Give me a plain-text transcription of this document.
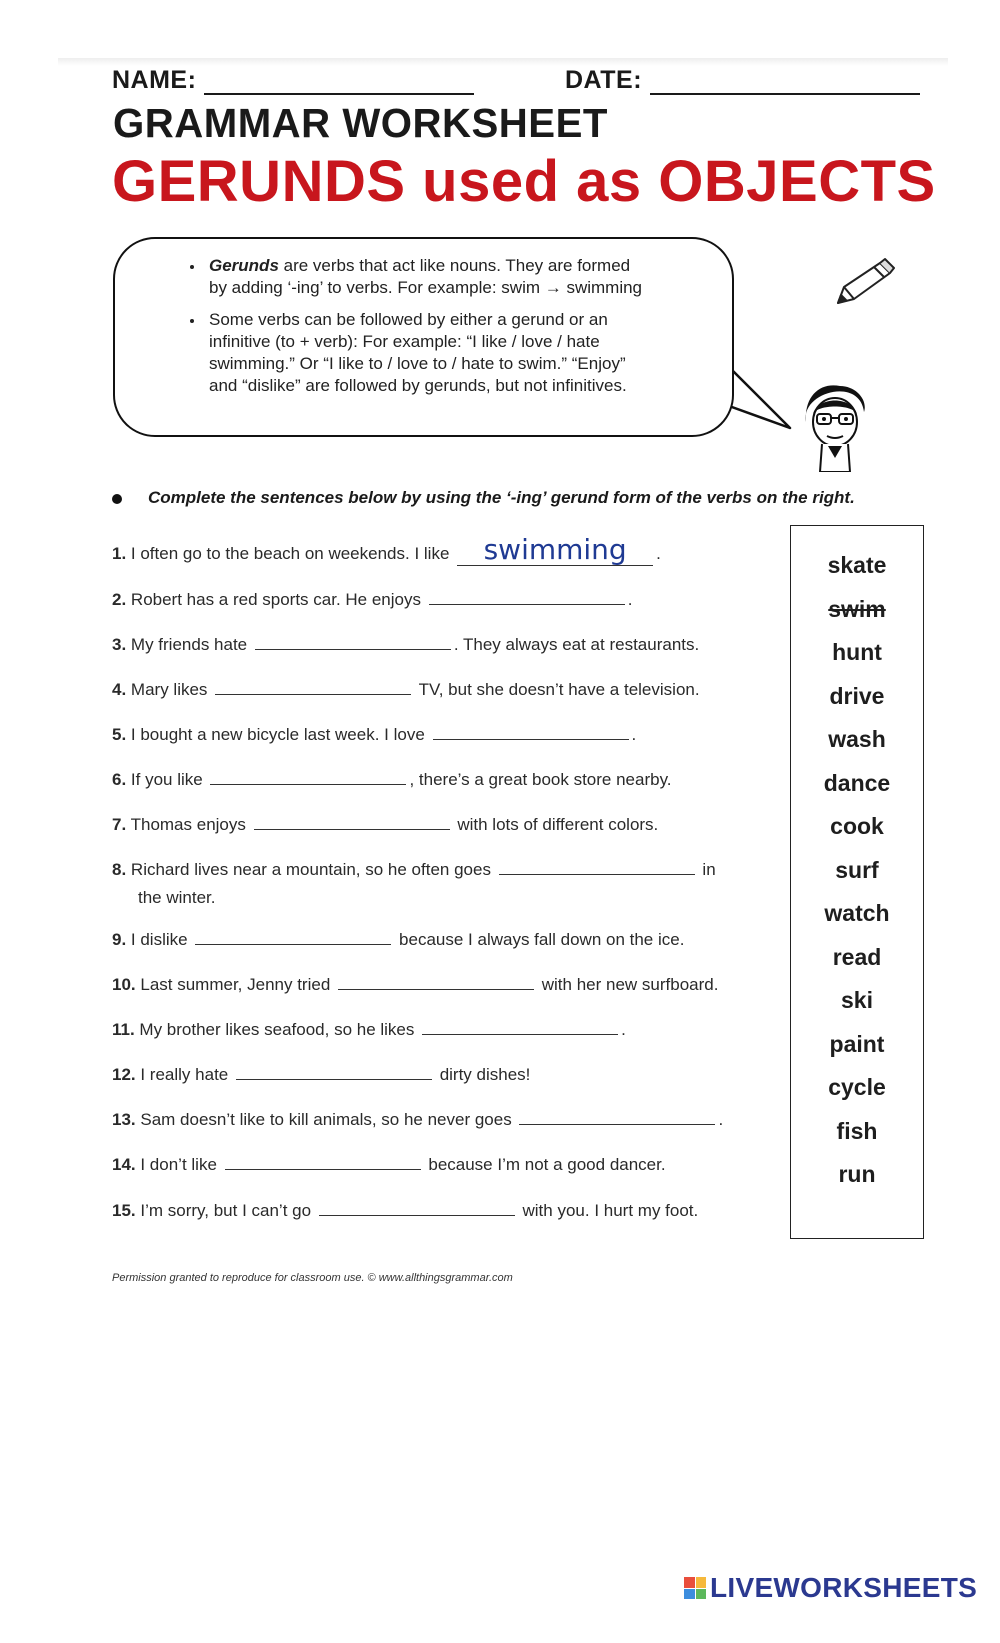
NAME:	DATE:
GRAMMAR WORKSHEET
GERUNDS used as OBJECTS
• Gerunds are verbs that act like nouns. They are formed
by adding ‘-ing’ to verbs. For example: swim → swimming
• Some verbs can be followed by either a gerund or an
infinitive (to + verb): For example: “I like / love / hate
swimming.” Or “I like to / love to / hate to swim.” “Enjoy”
and “dislike” are followed by gerunds, but not infinitives.
Complete the sentences below by using the ‘-ing’ gerund form of the verbs on the right.
1. I often go to the beach on weekends. I like swimming .
2. Robert has a red sports car. He enjoys	.
3. My friends hate	. They always eat at restaurants.
4. Mary likes	TV, but she doesn’t have a television.
5. I bought a new bicycle last week. I love	.
6. If you like	, there’s a great book store nearby.
7. Thomas enjoys	with lots of different colors.
8. Richard lives near a mountain, so he often goes	in
the winter.
9. I dislike	because I always fall down on the ice.
10. Last summer, Jenny tried	with her new surfboard.
11. My brother likes seafood, so he likes	.
12. I really hate	dirty dishes!
13. Sam doesn’t like to kill animals, so he never goes	.
14. I don’t like	because I’m not a good dancer.
15. I’m sorry, but I can’t go	with you. I hurt my foot.
skate
swim
hunt
drive
wash
dance
cook
surf
watch
read
ski
paint
cycle
fish
run
Permission granted to reproduce for classroom use. © www.allthingsgrammar.com
LIVEWORKSHEETS
